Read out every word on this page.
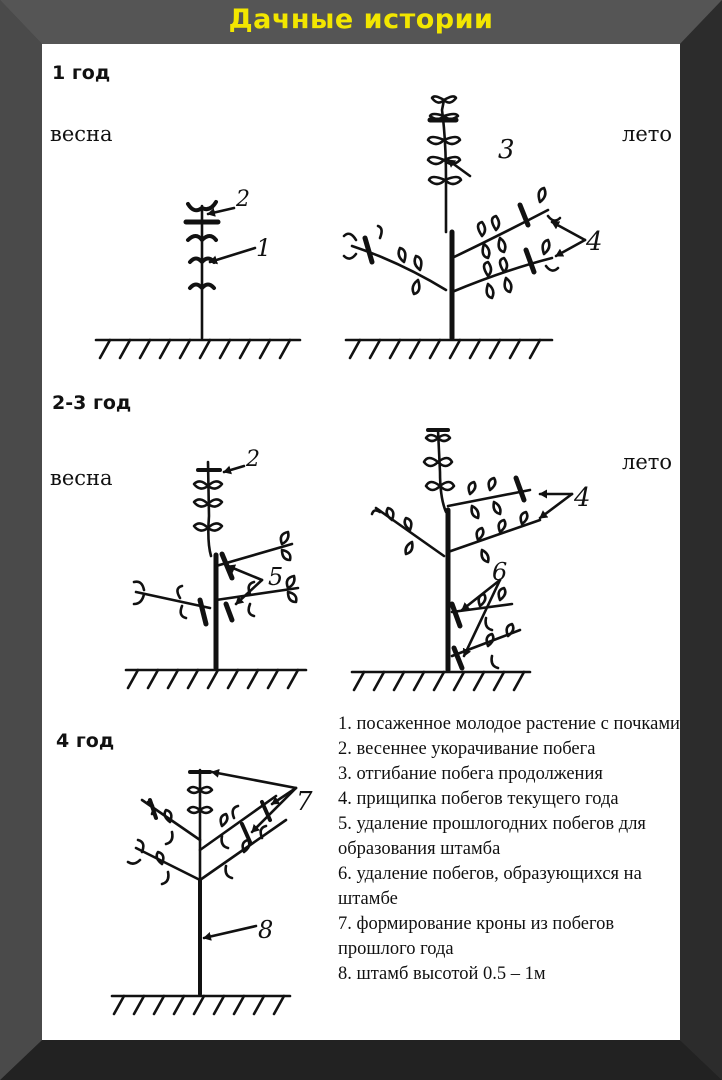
Дачные истории
1 год
весна	лето
2-3 год
весна
лето
4 год
1
2
3
4
2
5
4
6
7
8
1. посаженное молодое растение с почками
2. весеннее укорачивание побега
3. отгибание побега продолжения
4. прищипка побегов текущего года
5. удаление прошлогодних побегов для образования штамба
6. удаление побегов, образующихся на штамбе
7. формирование кроны из побегов прошлого года
8. штамб высотой 0.5 – 1м
